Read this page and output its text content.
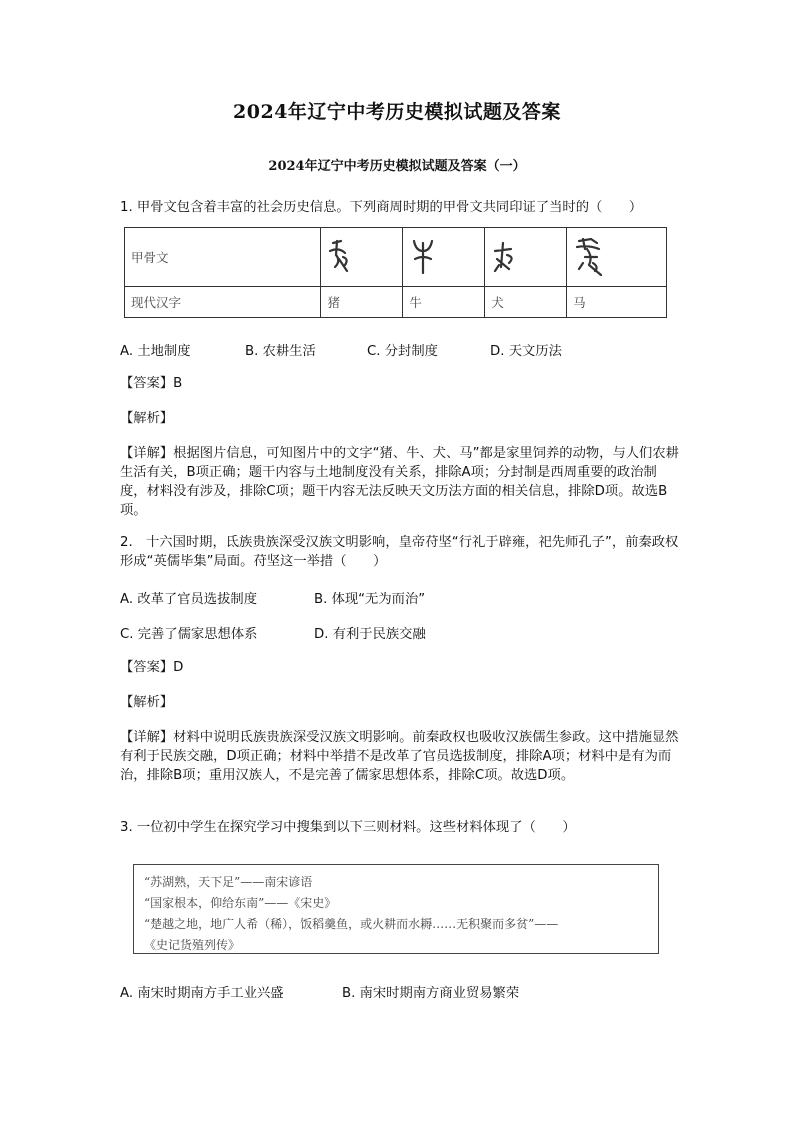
2024年辽宁中考历史模拟试题及答案
2024年辽宁中考历史模拟试题及答案（一）
1. 甲骨文包含着丰富的社会历史信息。下列商周时期的甲骨文共同印证了当时的（　　）
甲骨文	

现代汉字	猪	牛	犬	马
A. 土地制度	B. 农耕生活	C. 分封制度	D. 天文历法
【答案】B
【解析】
【详解】根据图片信息，可知图片中的文字“猪、牛、犬、马”都是家里饲养的动物，与人们农耕生活有关，B项正确；题干内容与土地制度没有关系，排除A项；分封制是西周重要的政治制度，材料没有涉及，排除C项；题干内容无法反映天文历法方面的相关信息，排除D项。故选B项。
2.　十六国时期，氐族贵族深受汉族文明影响，皇帝苻坚“行礼于辟雍，祀先师孔子”，前秦政权形成“英儒毕集”局面。苻坚这一举措（　　）
A. 改革了官员选拔制度	B. 体现“无为而治”
C. 完善了儒家思想体系	D. 有利于民族交融
【答案】D
【解析】
【详解】材料中说明氐族贵族深受汉族文明影响。前秦政权也吸收汉族儒生参政。这中措施显然有利于民族交融，D项正确；材料中举措不是改革了官员选拔制度，排除A项；材料中是有为而治，排除B项；重用汉族人，不是完善了儒家思想体系，排除C项。故选D项。
3. 一位初中学生在探究学习中搜集到以下三则材料。这些材料体现了（　　）
“苏湖熟，天下足”——南宋谚语
“国家根本，仰给东南”——《宋史》
“楚越之地，地广人希（稀），饭稻羹鱼，或火耕而水耨……无积聚而多贫”——
《史记货殖列传》
A. 南宋时期南方手工业兴盛	B. 南宋时期南方商业贸易繁荣
